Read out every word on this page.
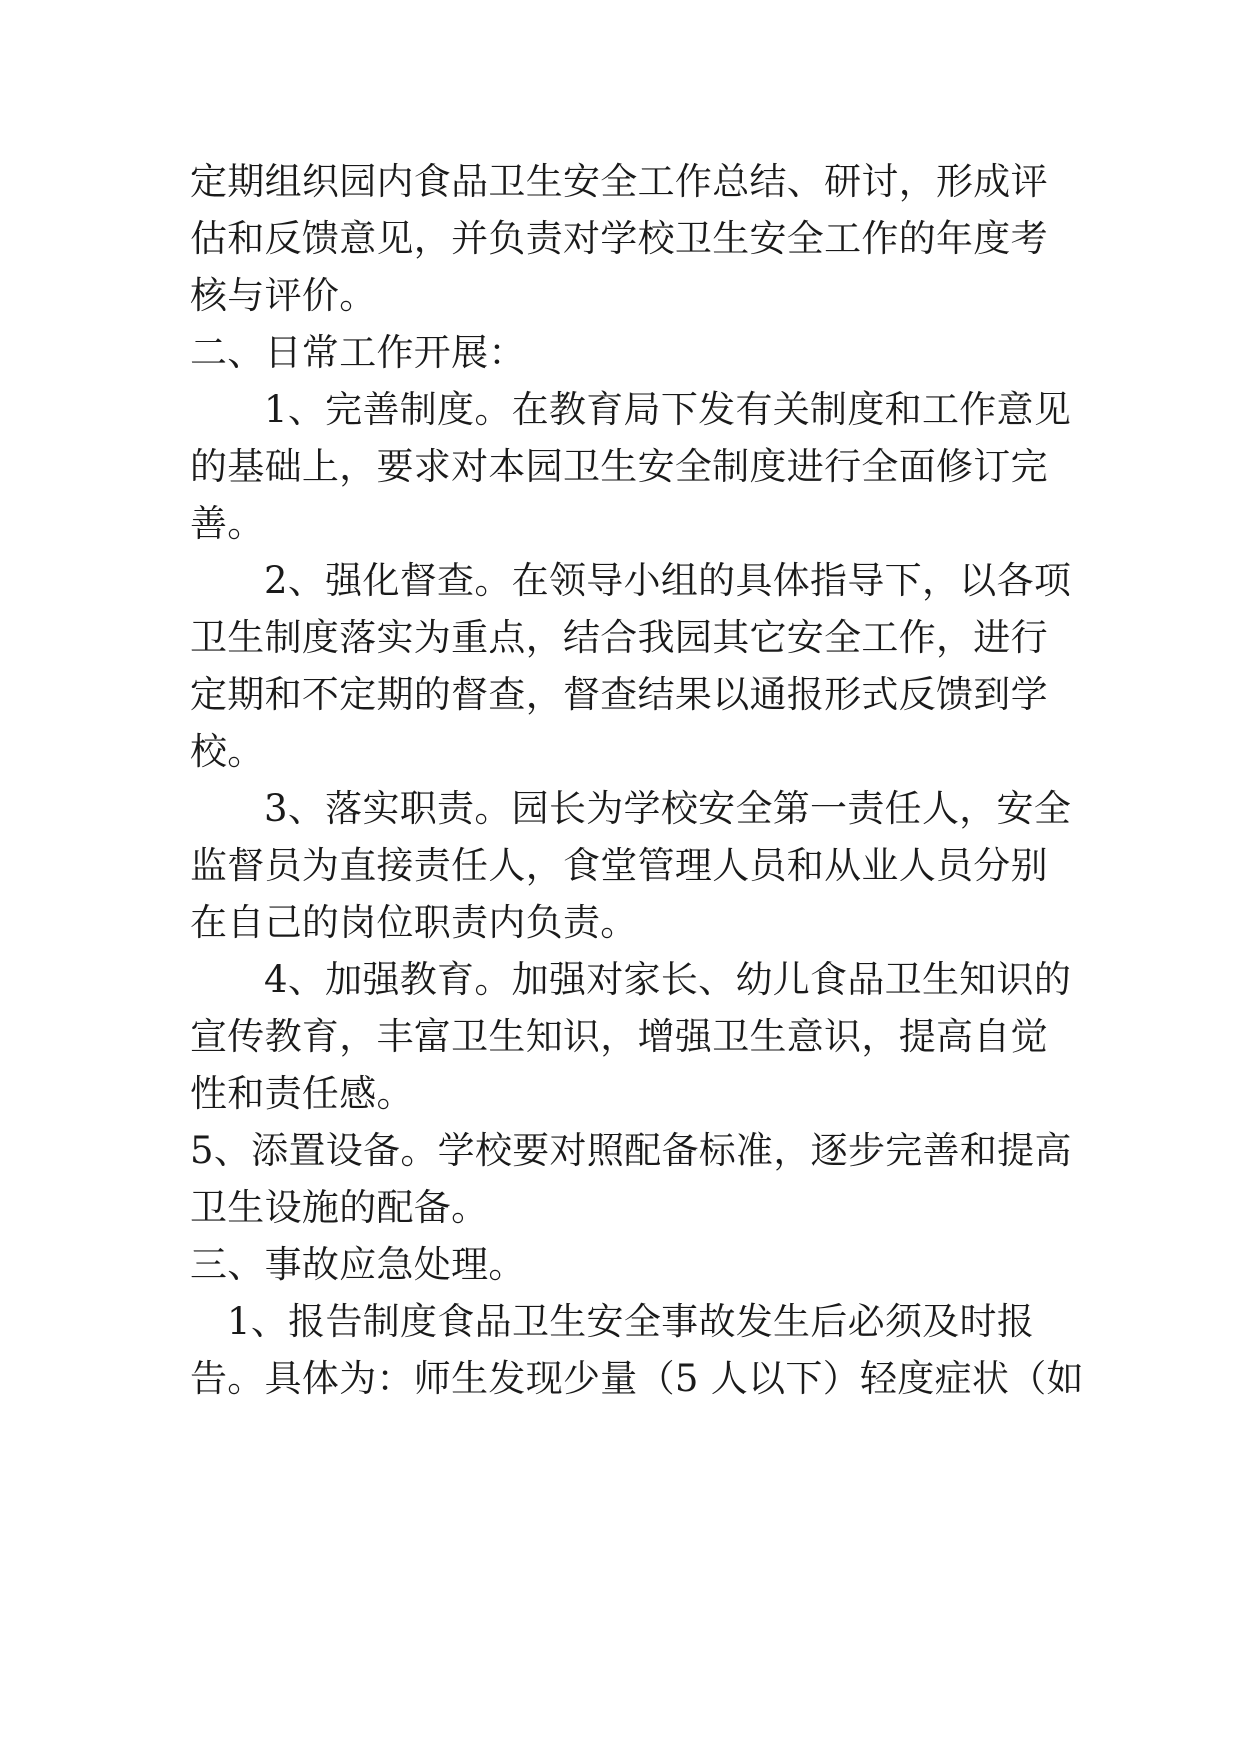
定期组织园内食品卫生安全工作总结、研讨，形成评
估和反馈意见，并负责对学校卫生安全工作的年度考
核与评价。
二、日常工作开展：
1、完善制度。在教育局下发有关制度和工作意见
的基础上，要求对本园卫生安全制度进行全面修订完
善。
2、强化督查。在领导小组的具体指导下，以各项
卫生制度落实为重点，结合我园其它安全工作，进行
定期和不定期的督查，督查结果以通报形式反馈到学
校。
3、落实职责。园长为学校安全第一责任人，安全
监督员为直接责任人，食堂管理人员和从业人员分别
在自己的岗位职责内负责。
4、加强教育。加强对家长、幼儿食品卫生知识的
宣传教育，丰富卫生知识，增强卫生意识，提高自觉
性和责任感。
5、添置设备。学校要对照配备标准，逐步完善和提高
卫生设施的配备。
三、事故应急处理。
1、报告制度食品卫生安全事故发生后必须及时报
告。具体为：师生发现少量（5 人以下）轻度症状（如
